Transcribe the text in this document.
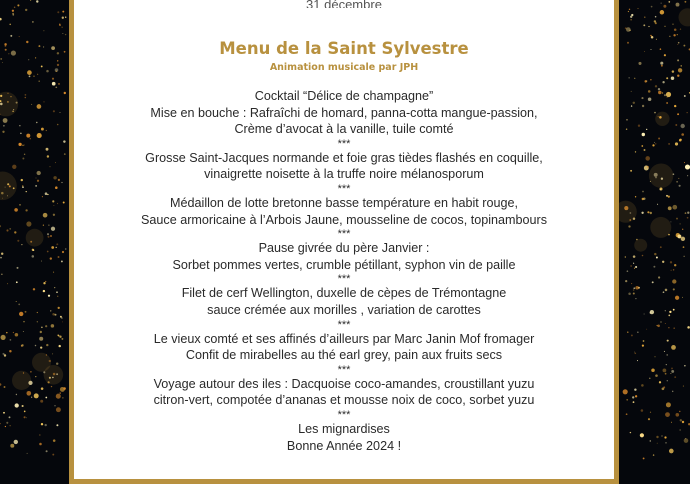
31 décembre
Menu de la Saint Sylvestre

Animation musicale par JPH

Cocktail “Délice de champagne”
Mise en bouche : Rafraîchi de homard, panna-cotta mangue-passion,
Crème d’avocat à la vanille, tuile comté
***
Grosse Saint-Jacques normande et foie gras tièdes flashés en coquille,
vinaigrette noisette à la truffe noire mélanosporum
***
Médaillon de lotte bretonne basse température en habit rouge,
Sauce armoricaine à l’Arbois Jaune, mousseline de cocos, topinambours
***
Pause givrée du père Janvier :
Sorbet pommes vertes, crumble pétillant, syphon vin de paille
***
Filet de cerf Wellington, duxelle de cèpes de Trémontagne
sauce crémée aux morilles , variation de carottes
***
Le vieux comté et ses affinés d’ailleurs par Marc Janin Mof fromager
Confit de mirabelles au thé earl grey, pain aux fruits secs
***
Voyage autour des iles : Dacquoise coco-amandes, croustillant yuzu
citron-vert, compotée d’ananas et mousse noix de coco, sorbet yuzu
***
Les mignardises
Bonne Année 2024 !
